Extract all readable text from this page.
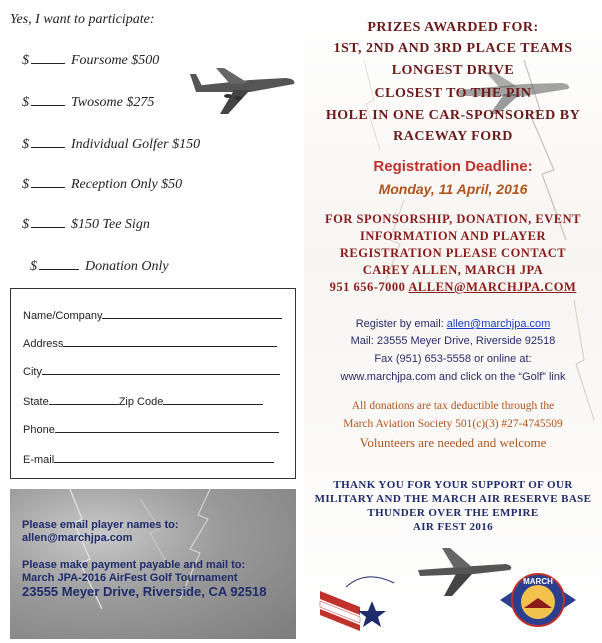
Yes, I want to participate:
$	Foursome $500
$	Twosome $275
$	Individual Golfer $150
$	Reception Only $50
$	$150 Tee Sign
$	Donation Only
Name/Company
Address
City
State	Zip Code
Phone
E-mail
Please email player names to:
allen@marchjpa.com
Please make payment payable and mail to:
March JPA-2016 AirFest Golf Tournament
23555 Meyer Drive, Riverside, CA 92518
PRIZES AWARDED FOR:
1ST, 2ND AND 3RD PLACE TEAMS
LONGEST DRIVE
CLOSEST TO THE PIN
HOLE IN ONE CAR-SPONSORED BY
RACEWAY FORD
Registration Deadline:
Monday, 11 April, 2016
FOR SPONSORSHIP, DONATION, EVENT
INFORMATION AND PLAYER
REGISTRATION PLEASE CONTACT
CAREY ALLEN, MARCH JPA
951 656-7000 ALLEN@MARCHJPA.COM
Register by email: allen@marchjpa.com
Mail: 23555 Meyer Drive, Riverside 92518
Fax (951) 653-5558 or online at:
www.marchjpa.com and click on the “Golf” link
All donations are tax deductible through the
March Aviation Society 501(c)(3) #27-4745509
Volunteers are needed and welcome
THANK YOU FOR YOUR SUPPORT OF OUR
MILITARY AND THE MARCH AIR RESERVE BASE
THUNDER OVER THE EMPIRE
AIR FEST 2016
MARCH
